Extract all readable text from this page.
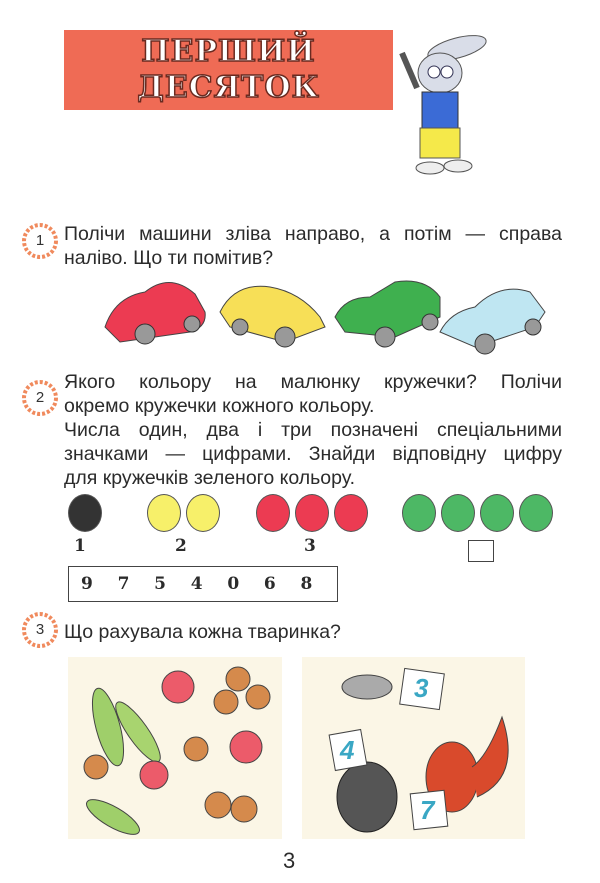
ПЕРШИЙ
ДЕСЯТОК
1	Полічи машини зліва направо, а потім — справа
наліво. Що ти помітив?
2
Якого кольору на малюнку кружечки? Полічи
окремо кружечки кожного кольору.
Числа один, два і три позначені спеціальними
значками — цифрами. Знайди відповідну цифру
для кружечків зеленого кольору.
1	2	3
9	7	5	4	0	6	8
3	Що рахувала кожна тваринка?
3
4
7
3
